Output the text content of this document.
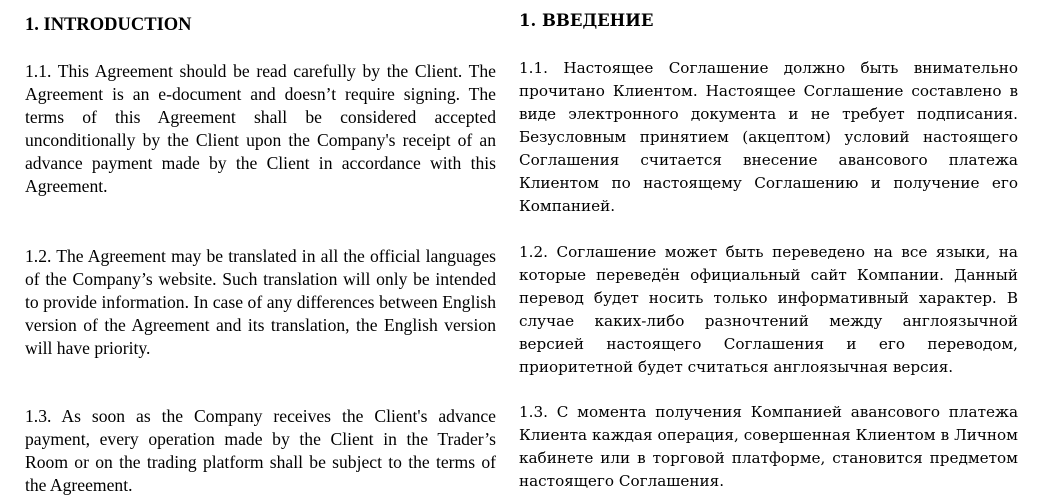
1. INTRODUCTION

1.1. This Agreement should be read carefully by the Client. The Agreement is an e-document and doesn’t require signing. The terms of this Agreement shall be considered accepted unconditionally by the Client upon the Company's receipt of an advance payment made by the Client in accordance with this Agreement.

1.2. The Agreement may be translated in all the official languages of the Company’s website. Such translation will only be intended to provide information. In case of any differences between English version of the Agreement and its translation, the English version will have priority.

1.3. As soon as the Company receives the Client's advance payment, every operation made by the Client in the Trader’s Room or on the trading platform shall be subject to the terms of the Agreement.

1. ВВЕДЕНИЕ

1.1. Настоящее Соглашение должно быть внимательно прочитано Клиентом. Настоящее Соглашение составлено в виде электронного документа и не требует подписания. Безусловным принятием (акцептом) условий настоящего Соглашения считается внесение авансового платежа Клиентом по настоящему Соглашению и получение его Компанией.

1.2. Соглашение может быть переведено на все языки, на которые переведён официальный сайт Компании. Данный перевод будет носить только информативный характер. В случае каких-либо разночтений между англоязычной версией настоящего Соглашения и его переводом, приоритетной будет считаться англоязычная версия.

1.3. С момента получения Компанией авансового платежа Клиента каждая операция, совершенная Клиентом в Личном кабинете или в торговой платформе, становится предметом настоящего Соглашения.
